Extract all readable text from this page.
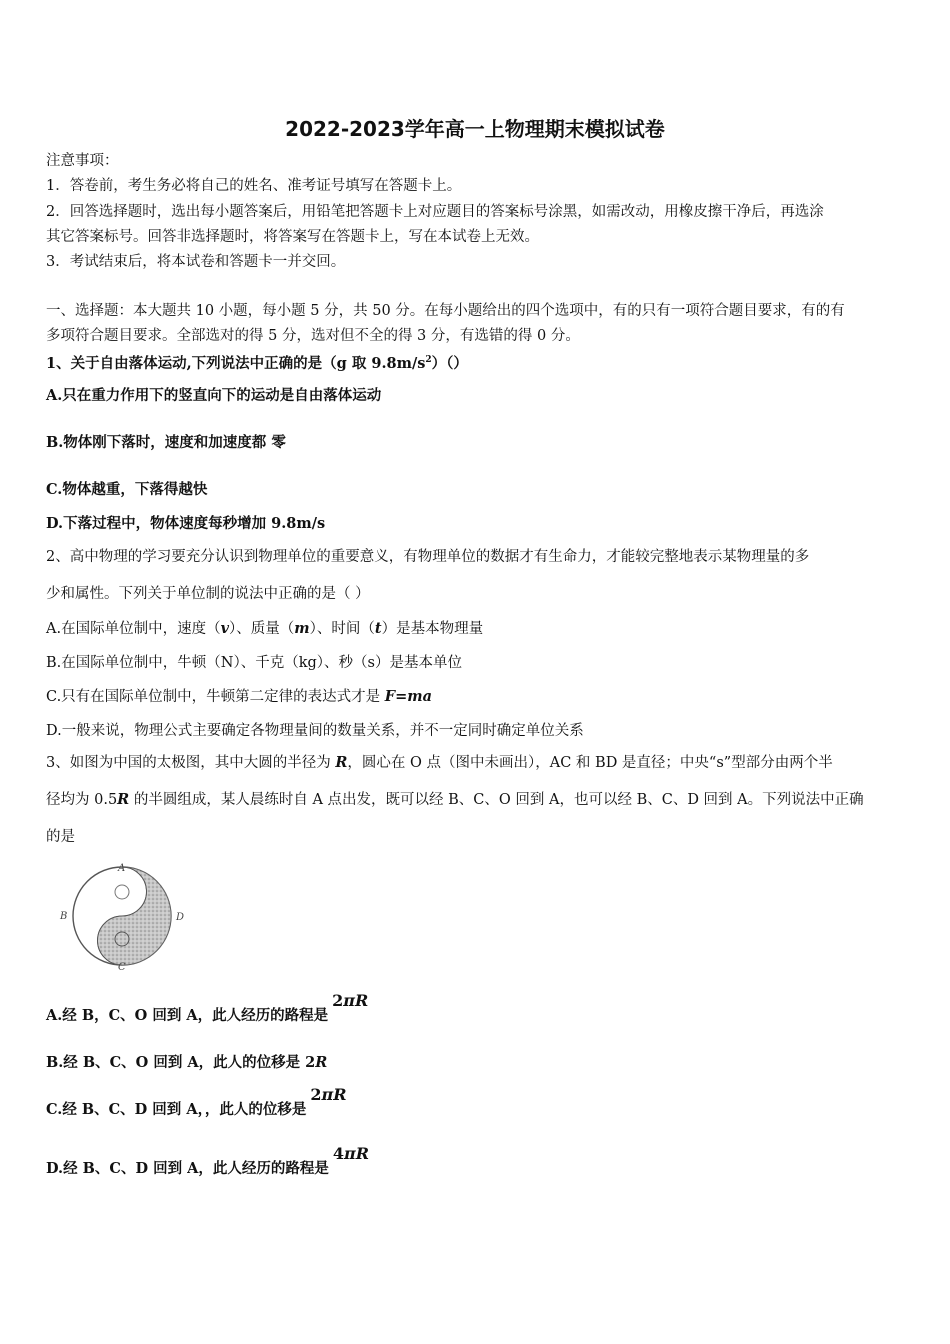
2022-2023学年高一上物理期末模拟试卷
注意事项：
1．答卷前，考生务必将自己的姓名、准考证号填写在答题卡上。
2．回答选择题时，选出每小题答案后，用铅笔把答题卡上对应题目的答案标号涂黑，如需改动，用橡皮擦干净后，再选涂
其它答案标号。回答非选择题时，将答案写在答题卡上，写在本试卷上无效。
3．考试结束后，将本试卷和答题卡一并交回。
一、选择题：本大题共 10 小题，每小题 5 分，共 50 分。在每小题给出的四个选项中，有的只有一项符合题目要求，有的有
多项符合题目要求。全部选对的得 5 分，选对但不全的得 3 分，有选错的得 0 分。
1、关于自由落体运动,下列说法中正确的是（g 取 $9.8m/s^2)()$
A.只在重力作用下的竖直向下的运动是自由落体运动
B.物体刚下落时，速度和加速度都 零
C.物体越重，下落得越快
D.下落过程中，物体速度每秒增加 9.8m/s
2、高中物理的学习要充分认识到物理单位的重要意义，有物理单位的数据才有生命力，才能较完整地表示某物理量的多
少和属性。下列关于单位制的说法中正确的是（ ）
A.在国际单位制中，速度（v）、质量（m）、时间（t）是基本物理量
B.在国际单位制中，牛顿（N）、千克（kg）、秒（s）是基本单位
C.只有在国际单位制中，牛顿第二定律的表达式才是 F=ma
D.一般来说，物理公式主要确定各物理量间的数量关系，并不一定同时确定单位关系
3、如图为中国的太极图，其中大圆的半径为 R，圆心在 O 点（图中未画出），AC 和 BD 是直径；中央“s”型部分由两个半
径均为 0.5R 的半圆组成，某人晨练时自 A 点出发，既可以经 B、C、O 回到 A，也可以经 B、C、D 回到 A。下列说法中正确
的是
A
B
C
D
A.经 B，C、O 回到 A，此人经历的路程是2πR
B.经 B、C、O 回到 A，此人的位移是 2R
C.经 B、C、D 回到 A，，此人的位移是2πR
D.经 B、C、D 回到 A，此人经历的路程是4πR
